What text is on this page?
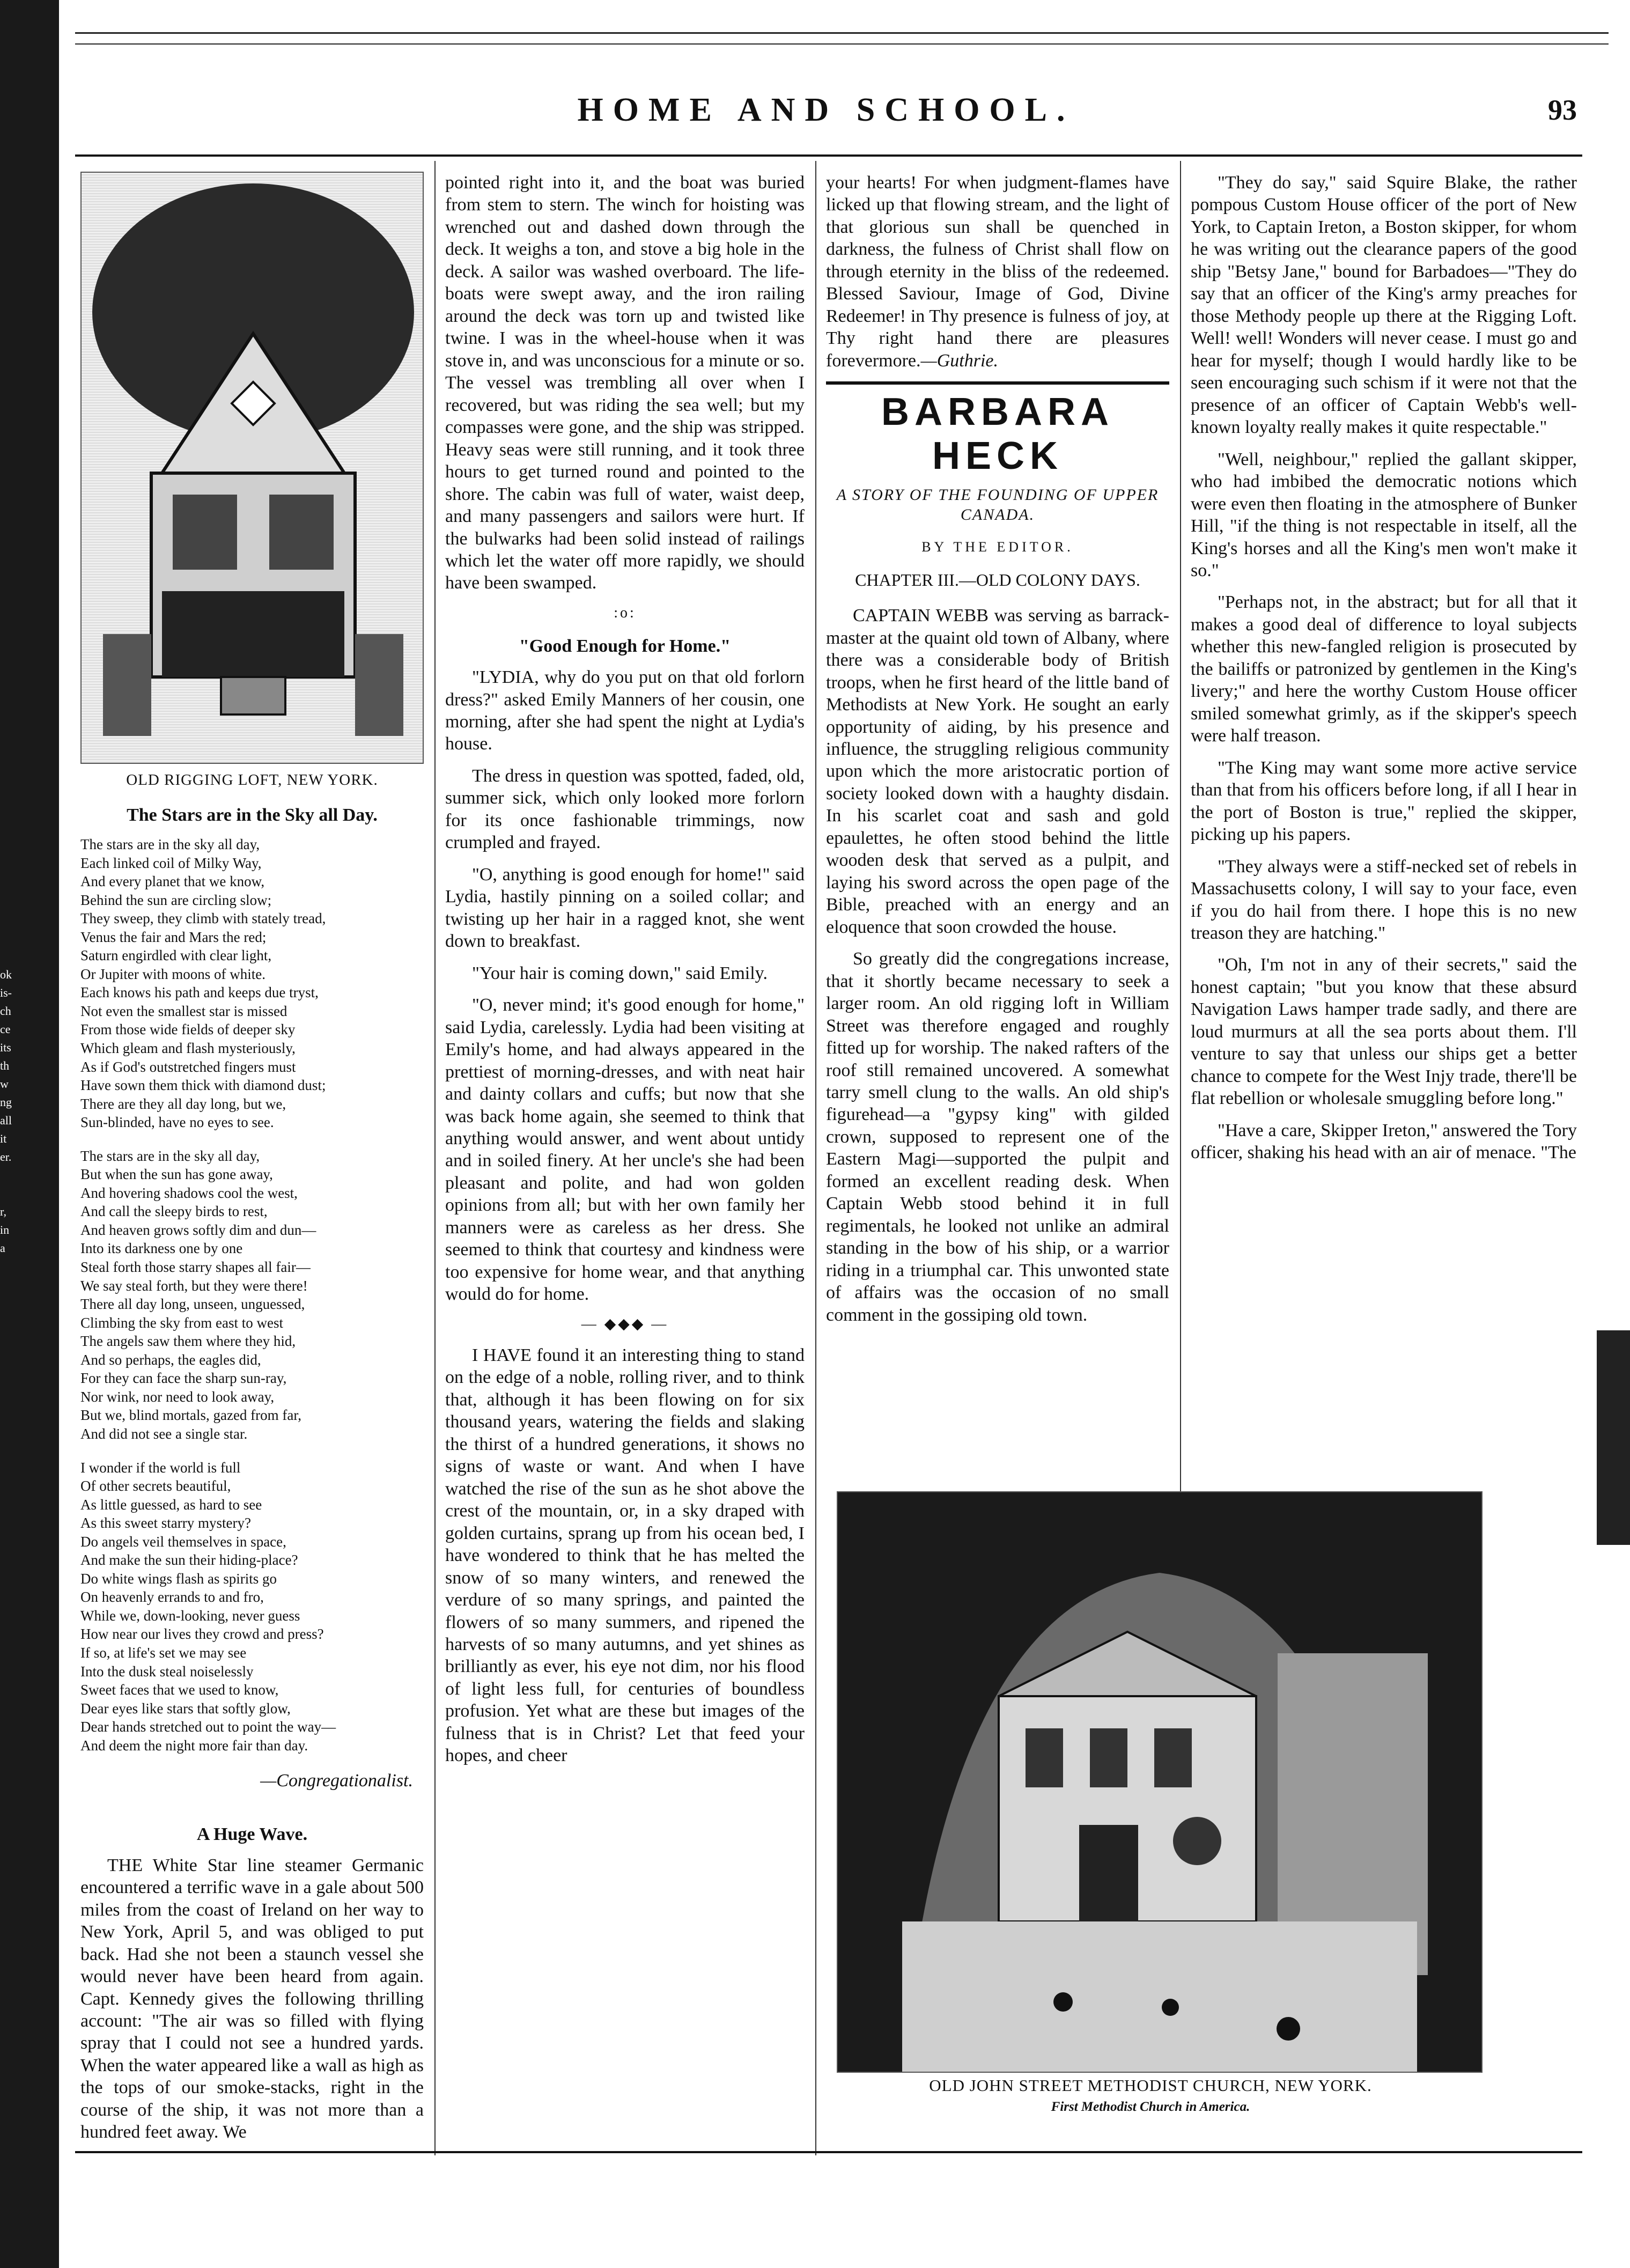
ok
is-
ch
ce
its
th
w
ng
all
it
er.
r,
in
a
HOME AND SCHOOL.	93
OLD RIGGING LOFT, NEW YORK.
The Stars are in the Sky all Day.
The stars are in the sky all day,
Each linked coil of Milky Way,
And every planet that we know,
Behind the sun are circling slow;
They sweep, they climb with stately tread,
Venus the fair and Mars the red;
Saturn engirdled with clear light,
Or Jupiter with moons of white.
Each knows his path and keeps due tryst,
Not even the smallest star is missed
From those wide fields of deeper sky
Which gleam and flash mysteriously,
As if God's outstretched fingers must
Have sown them thick with diamond dust;
There are they all day long, but we,
Sun-blinded, have no eyes to see.
The stars are in the sky all day,
But when the sun has gone away,
And hovering shadows cool the west,
And call the sleepy birds to rest,
And heaven grows softly dim and dun—
Into its darkness one by one
Steal forth those starry shapes all fair—
We say steal forth, but they were there!
There all day long, unseen, unguessed,
Climbing the sky from east to west
The angels saw them where they hid,
And so perhaps, the eagles did,
For they can face the sharp sun-ray,
Nor wink, nor need to look away,
But we, blind mortals, gazed from far,
And did not see a single star.
I wonder if the world is full
Of other secrets beautiful,
As little guessed, as hard to see
As this sweet starry mystery?
Do angels veil themselves in space,
And make the sun their hiding-place?
Do white wings flash as spirits go
On heavenly errands to and fro,
While we, down-looking, never guess
How near our lives they crowd and press?
If so, at life's set we may see
Into the dusk steal noiselessly
Sweet faces that we used to know,
Dear eyes like stars that softly glow,
Dear hands stretched out to point the way—
And deem the night more fair than day.

—Congregationalist.

A Huge Wave.

THE White Star line steamer Germanic encountered a terrific wave in a gale about 500 miles from the coast of Ireland on her way to New York, April 5, and was obliged to put back. Had she not been a staunch vessel she would never have been heard from again. Capt. Kennedy gives the following thrilling account: "The air was so filled with flying spray that I could not see a hundred yards. When the water appeared like a wall as high as the tops of our smoke-stacks, right in the course of the ship, it was not more than a hundred feet away. We

pointed right into it, and the boat was buried from stem to stern. The winch for hoisting was wrenched out and dashed down through the deck. It weighs a ton, and stove a big hole in the deck. A sailor was washed overboard. The life-boats were swept away, and the iron railing around the deck was torn up and twisted like twine. I was in the wheel-house when it was stove in, and was unconscious for a minute or so. The vessel was trembling all over when I recovered, but was riding the sea well; but my compasses were gone, and the ship was stripped. Heavy seas were still running, and it took three hours to get turned round and pointed to the shore. The cabin was full of water, waist deep, and many passengers and sailors were hurt. If the bulwarks had been solid instead of railings which let the water off more rapidly, we should have been swamped.

:o:
"Good Enough for Home."

"LYDIA, why do you put on that old forlorn dress?" asked Emily Manners of her cousin, one morning, after she had spent the night at Lydia's house.

The dress in question was spotted, faded, old, summer sick, which only looked more forlorn for its once fashionable trimmings, now crumpled and frayed.

"O, anything is good enough for home!" said Lydia, hastily pinning on a soiled collar; and twisting up her hair in a ragged knot, she went down to breakfast.

"Your hair is coming down," said Emily.

"O, never mind; it's good enough for home," said Lydia, carelessly. Lydia had been visiting at Emily's home, and had always appeared in the prettiest of morning-dresses, and with neat hair and dainty collars and cuffs; but now that she was back home again, she seemed to think that anything would answer, and went about untidy and in soiled finery. At her uncle's she had been pleasant and polite, and had won golden opinions from all; but with her own family her manners were as careless as her dress. She seemed to think that courtesy and kindness were too expensive for home wear, and that anything would do for home.

— ◆◆◆ —

I HAVE found it an interesting thing to stand on the edge of a noble, rolling river, and to think that, although it has been flowing on for six thousand years, watering the fields and slaking the thirst of a hundred generations, it shows no signs of waste or want. And when I have watched the rise of the sun as he shot above the crest of the mountain, or, in a sky draped with golden curtains, sprang up from his ocean bed, I have wondered to think that he has melted the snow of so many winters, and renewed the verdure of so many springs, and painted the flowers of so many summers, and ripened the harvests of so many autumns, and yet shines as brilliantly as ever, his eye not dim, nor his flood of light less full, for centuries of boundless profusion. Yet what are these but images of the fulness that is in Christ? Let that feed your hopes, and cheer

your hearts! For when judgment-flames have licked up that flowing stream, and the light of that glorious sun shall be quenched in darkness, the fulness of Christ shall flow on through eternity in the bliss of the redeemed. Blessed Saviour, Image of God, Divine Redeemer! in Thy presence is fulness of joy, at Thy right hand there are pleasures forevermore.—Guthrie.

BARBARA HECK
A STORY OF THE FOUNDING OF UPPER CANADA.
BY THE EDITOR.
CHAPTER III.—OLD COLONY DAYS.

CAPTAIN WEBB was serving as barrack-master at the quaint old town of Albany, where there was a considerable body of British troops, when he first heard of the little band of Methodists at New York. He sought an early opportunity of aiding, by his presence and influence, the struggling religious community upon which the more aristocratic portion of society looked down with a haughty disdain. In his scarlet coat and sash and gold epaulettes, he often stood behind the little wooden desk that served as a pulpit, and laying his sword across the open page of the Bible, preached with an energy and an eloquence that soon crowded the house.

So greatly did the congregations increase, that it shortly became necessary to seek a larger room. An old rigging loft in William Street was therefore engaged and roughly fitted up for worship. The naked rafters of the roof still remained uncovered. A somewhat tarry smell clung to the walls. An old ship's figurehead—a "gypsy king" with gilded crown, supposed to represent one of the Eastern Magi—supported the pulpit and formed an excellent reading desk. When Captain Webb stood behind it in full regimentals, he looked not unlike an admiral standing in the bow of his ship, or a warrior riding in a triumphal car. This unwonted state of affairs was the occasion of no small comment in the gossiping old town.

"They do say," said Squire Blake, the rather pompous Custom House officer of the port of New York, to Captain Ireton, a Boston skipper, for whom he was writing out the clearance papers of the good ship "Betsy Jane," bound for Barbadoes—"They do say that an officer of the King's army preaches for those Methody people up there at the Rigging Loft. Well! well! Wonders will never cease. I must go and hear for myself; though I would hardly like to be seen encouraging such schism if it were not that the presence of an officer of Captain Webb's well-known loyalty really makes it quite respectable."

"Well, neighbour," replied the gallant skipper, who had imbibed the democratic notions which were even then floating in the atmosphere of Bunker Hill, "if the thing is not respectable in itself, all the King's horses and all the King's men won't make it so."

"Perhaps not, in the abstract; but for all that it makes a good deal of difference to loyal subjects whether this new-fangled religion is prosecuted by the bailiffs or patronized by gentlemen in the King's livery;" and here the worthy Custom House officer smiled somewhat grimly, as if the skipper's speech were half treason.

"The King may want some more active service than that from his officers before long, if all I hear in the port of Boston is true," replied the skipper, picking up his papers.

"They always were a stiff-necked set of rebels in Massachusetts colony, I will say to your face, even if you do hail from there. I hope this is no new treason they are hatching."

"Oh, I'm not in any of their secrets," said the honest captain; "but you know that these absurd Navigation Laws hamper trade sadly, and there are loud murmurs at all the sea ports about them. I'll venture to say that unless our ships get a better chance to compete for the West Injy trade, there'll be flat rebellion or wholesale smuggling before long."

"Have a care, Skipper Ireton," answered the Tory officer, shaking his head with an air of menace. "The

OLD JOHN STREET METHODIST CHURCH, NEW YORK.
First Methodist Church in America.
